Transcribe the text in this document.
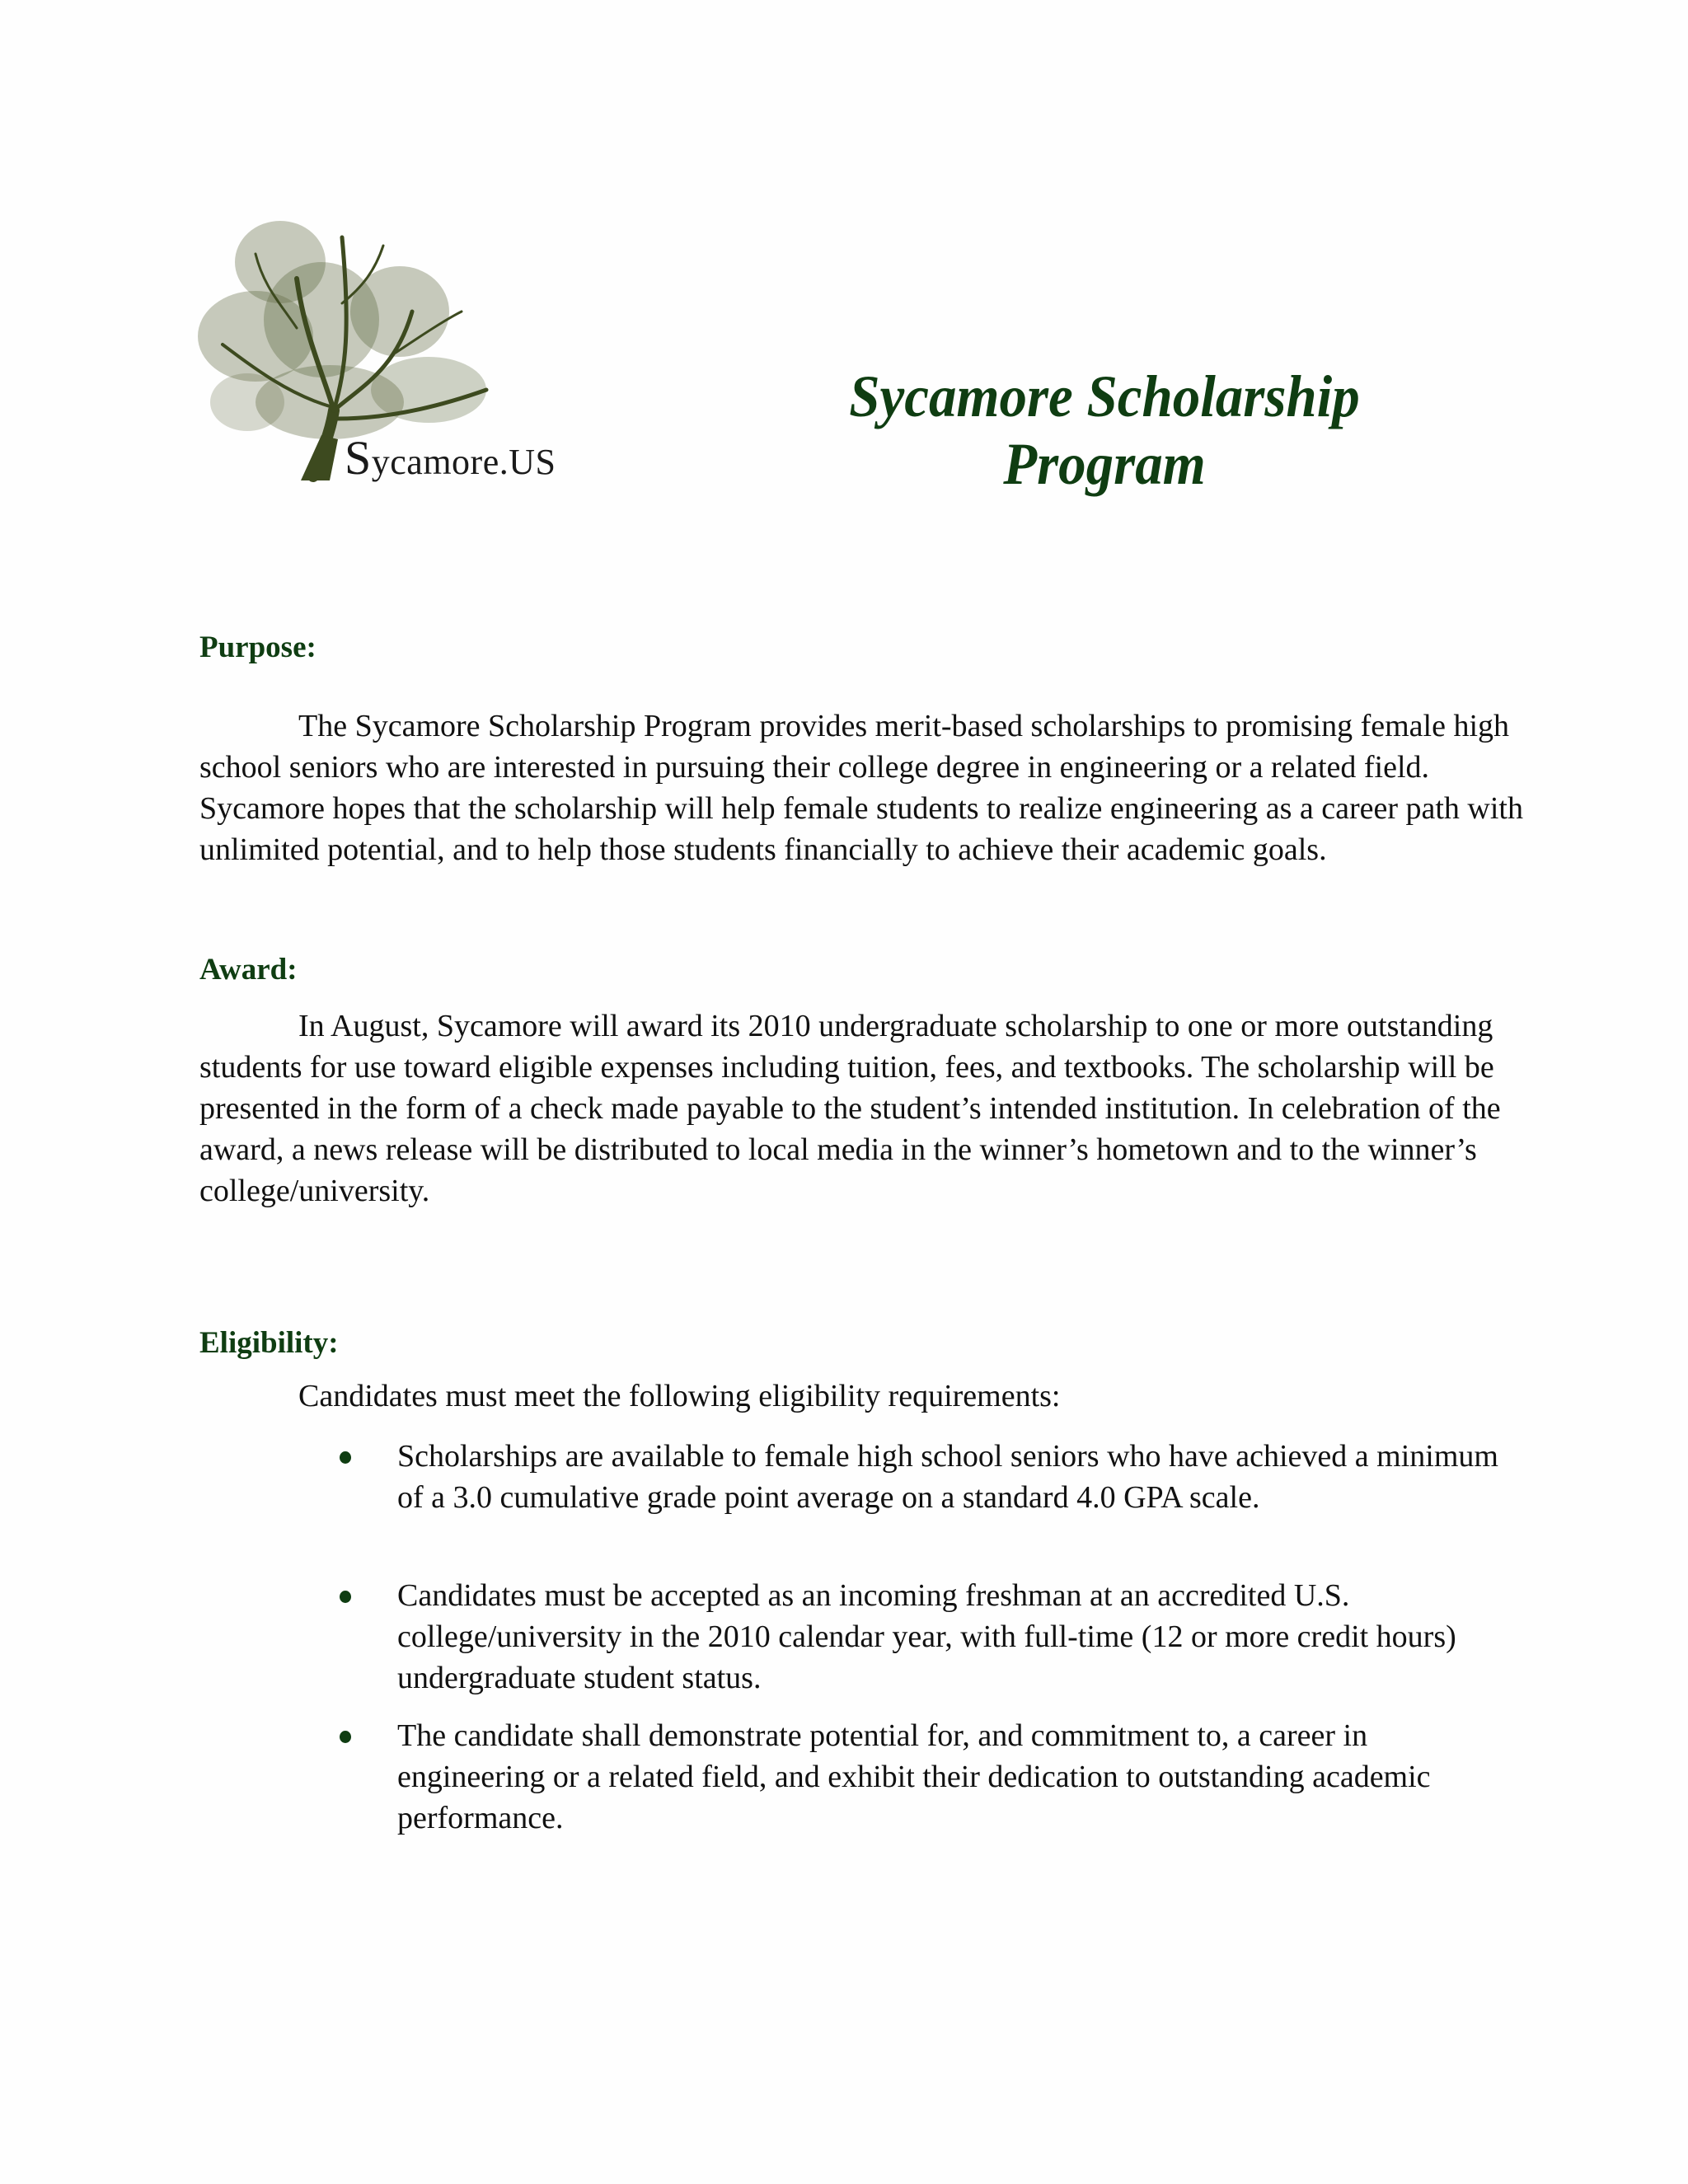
Sycamore.US
Sycamore Scholarship
Program
Purpose:
The Sycamore Scholarship Program provides merit-based scholarships to promising female high school seniors who are interested in pursuing their college degree in engineering or a related field. Sycamore hopes that the scholarship will help female students to realize engineering as a career path with unlimited potential, and to help those students financially to achieve their academic goals.
Award:
In August, Sycamore will award its 2010 undergraduate scholarship to one or more outstanding students for use toward eligible expenses including tuition, fees, and textbooks. The scholarship will be presented in the form of a check made payable to the student’s intended institution. In celebration of the award, a news release will be distributed to local media in the winner’s hometown and to the winner’s college/university.
Eligibility:
Candidates must meet the following eligibility requirements:
Scholarships are available to female high school seniors who have achieved a minimum of a 3.0 cumulative grade point average on a standard 4.0 GPA scale.
Candidates must be accepted as an incoming freshman at an accredited U.S. college/university in the 2010 calendar year, with full-time (12 or more credit hours) undergraduate student status.
The candidate shall demonstrate potential for, and commitment to, a career in engineering or a related field, and exhibit their dedication to outstanding academic performance.
